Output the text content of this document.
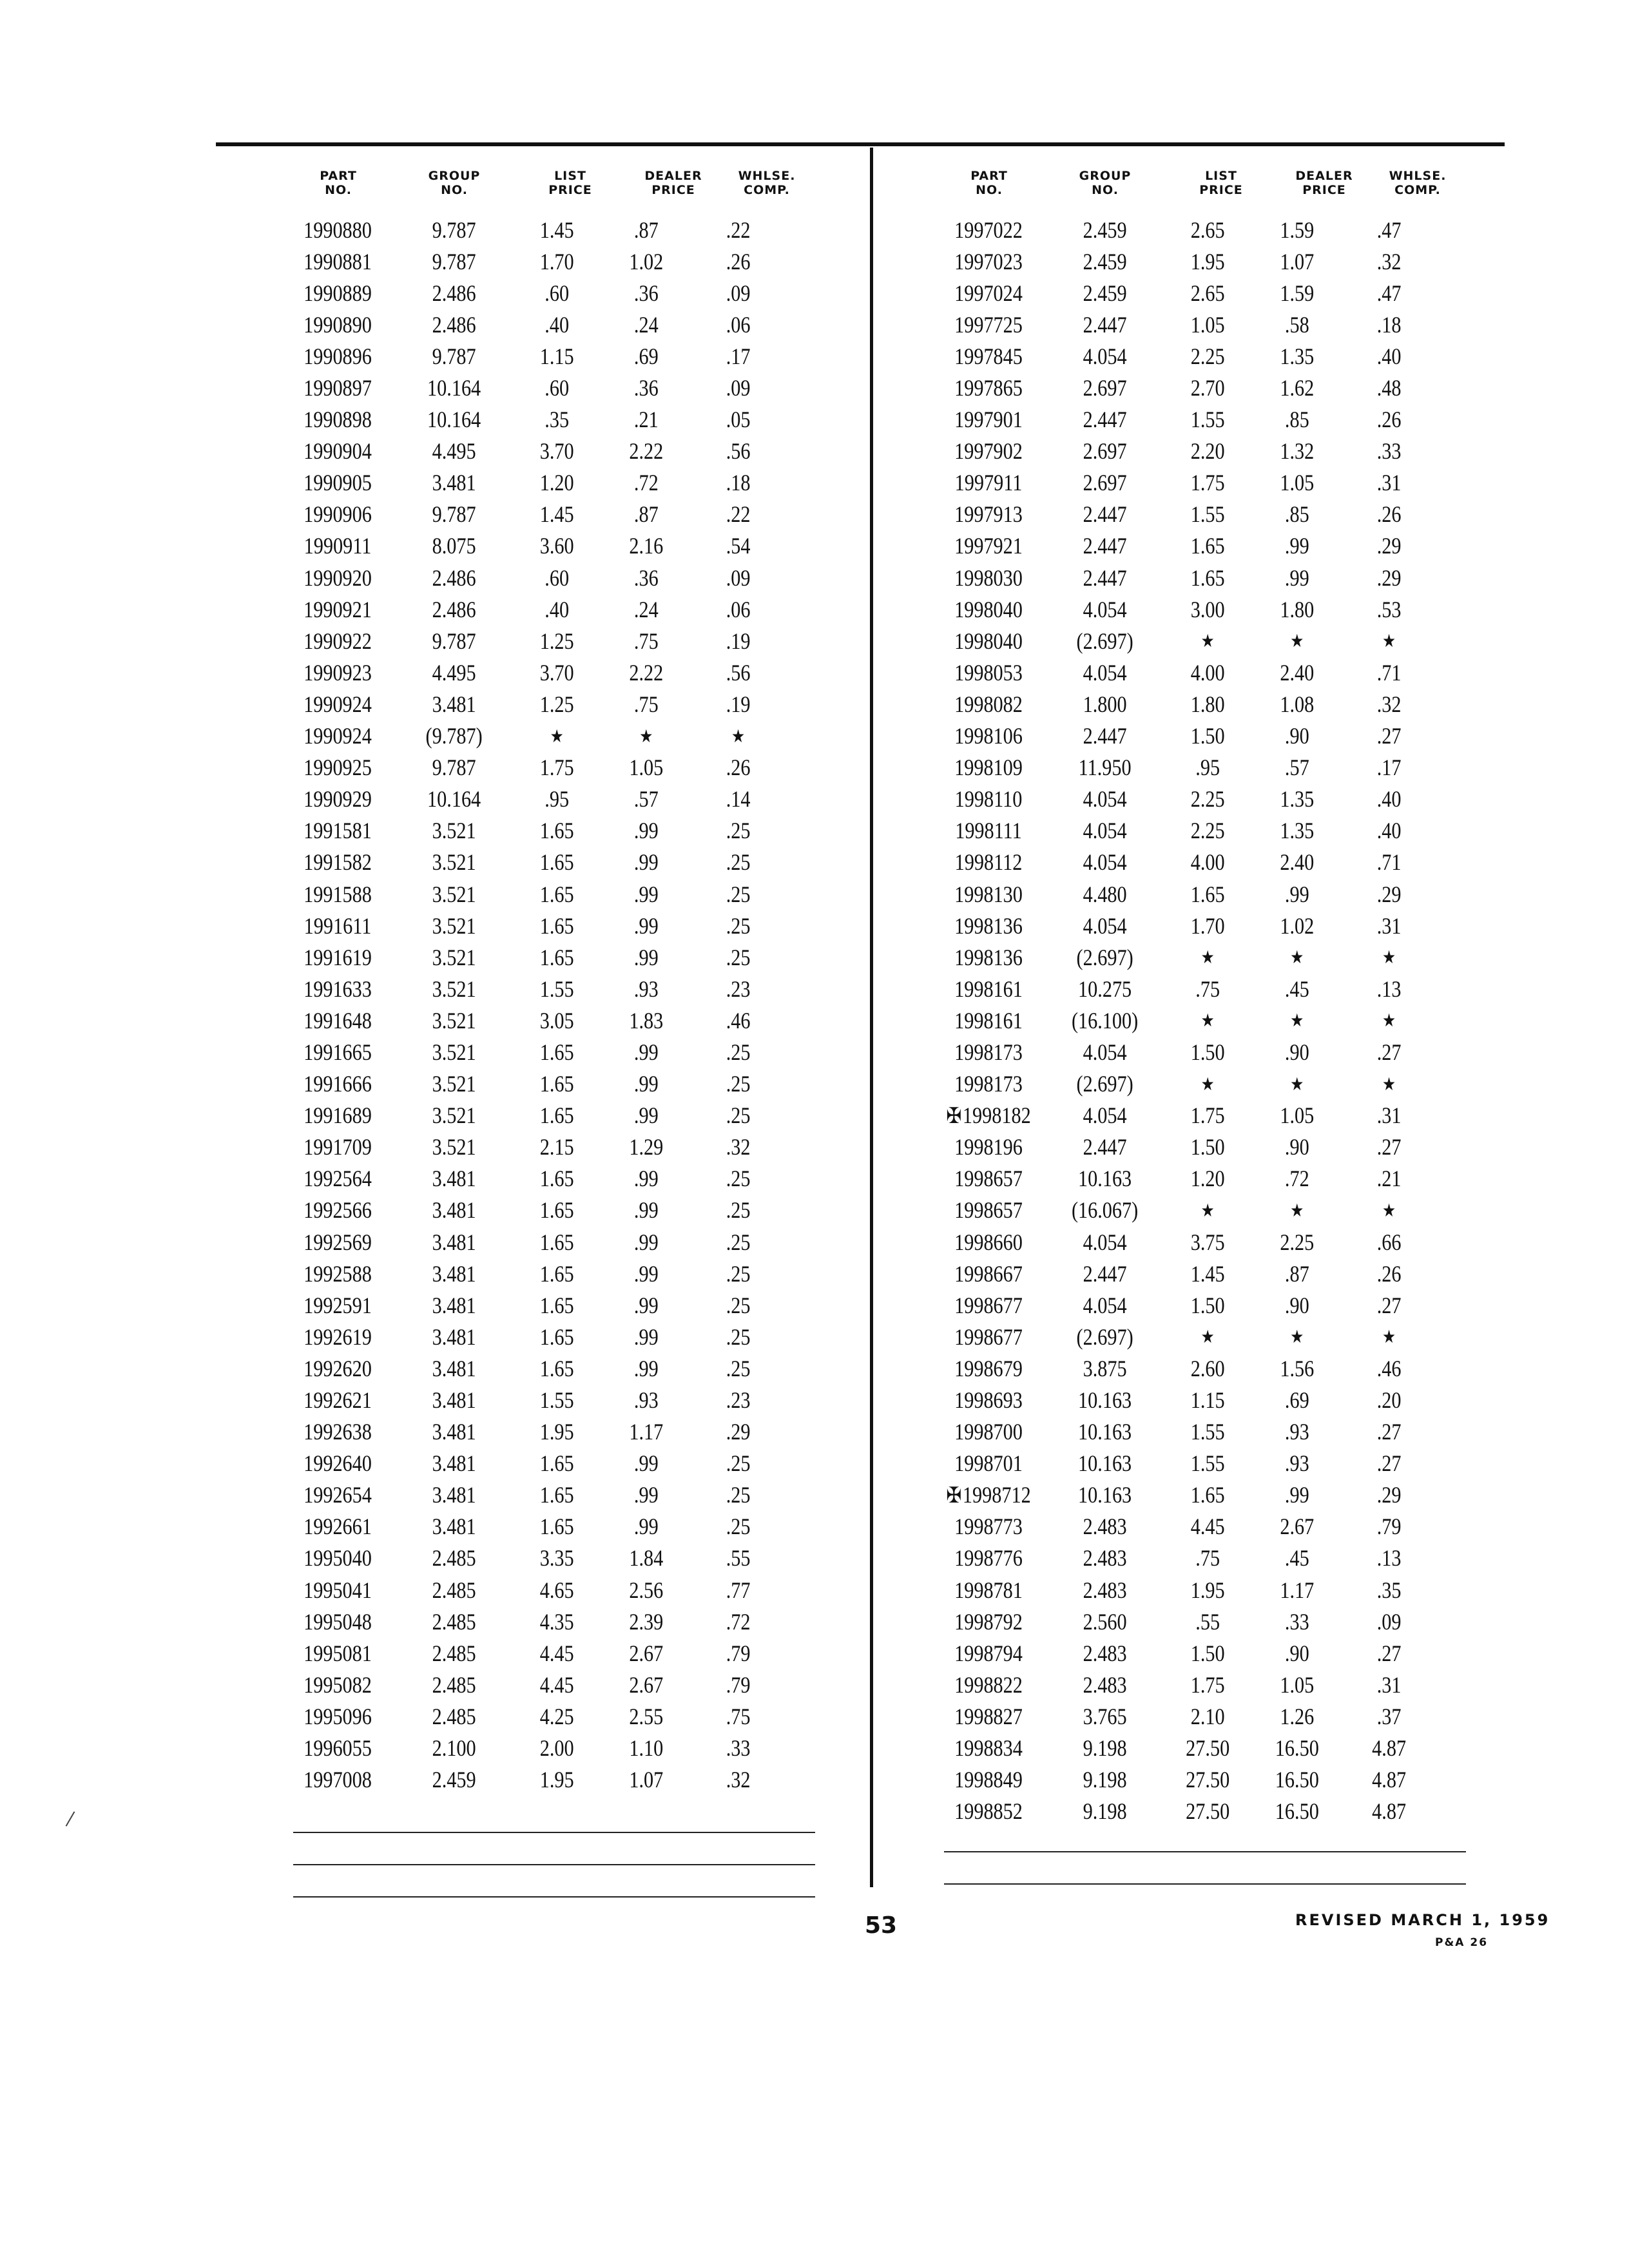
PART
NO.
GROUP
NO.
LIST
PRICE
DEALER
PRICE
WHLSE.
COMP.
1990880	9.787	1.45	.87	.22
1990881	9.787	1.70	1.02	.26
1990889	2.486	.60	.36	.09
1990890	2.486	.40	.24	.06
1990896	9.787	1.15	.69	.17
1990897	10.164	.60	.36	.09
1990898	10.164	.35	.21	.05
1990904	4.495	3.70	2.22	.56
1990905	3.481	1.20	.72	.18
1990906	9.787	1.45	.87	.22
1990911	8.075	3.60	2.16	.54
1990920	2.486	.60	.36	.09
1990921	2.486	.40	.24	.06
1990922	9.787	1.25	.75	.19
1990923	4.495	3.70	2.22	.56
1990924	3.481	1.25	.75	.19
1990924	(9.787)	★	★	★
1990925	9.787	1.75	1.05	.26
1990929	10.164	.95	.57	.14
1991581	3.521	1.65	.99	.25
1991582	3.521	1.65	.99	.25
1991588	3.521	1.65	.99	.25
1991611	3.521	1.65	.99	.25
1991619	3.521	1.65	.99	.25
1991633	3.521	1.55	.93	.23
1991648	3.521	3.05	1.83	.46
1991665	3.521	1.65	.99	.25
1991666	3.521	1.65	.99	.25
1991689	3.521	1.65	.99	.25
1991709	3.521	2.15	1.29	.32
1992564	3.481	1.65	.99	.25
1992566	3.481	1.65	.99	.25
1992569	3.481	1.65	.99	.25
1992588	3.481	1.65	.99	.25
1992591	3.481	1.65	.99	.25
1992619	3.481	1.65	.99	.25
1992620	3.481	1.65	.99	.25
1992621	3.481	1.55	.93	.23
1992638	3.481	1.95	1.17	.29
1992640	3.481	1.65	.99	.25
1992654	3.481	1.65	.99	.25
1992661	3.481	1.65	.99	.25
1995040	2.485	3.35	1.84	.55
1995041	2.485	4.65	2.56	.77
1995048	2.485	4.35	2.39	.72
1995081	2.485	4.45	2.67	.79
1995082	2.485	4.45	2.67	.79
1995096	2.485	4.25	2.55	.75
1996055	2.100	2.00	1.10	.33
1997008	2.459	1.95	1.07	.32
PART
NO.
GROUP
NO.
LIST
PRICE
DEALER
PRICE
WHLSE.
COMP.
1997022	2.459	2.65	1.59	.47
1997023	2.459	1.95	1.07	.32
1997024	2.459	2.65	1.59	.47
1997725	2.447	1.05	.58	.18
1997845	4.054	2.25	1.35	.40
1997865	2.697	2.70	1.62	.48
1997901	2.447	1.55	.85	.26
1997902	2.697	2.20	1.32	.33
1997911	2.697	1.75	1.05	.31
1997913	2.447	1.55	.85	.26
1997921	2.447	1.65	.99	.29
1998030	2.447	1.65	.99	.29
1998040	4.054	3.00	1.80	.53
1998040	(2.697)	★	★	★
1998053	4.054	4.00	2.40	.71
1998082	1.800	1.80	1.08	.32
1998106	2.447	1.50	.90	.27
1998109	11.950	.95	.57	.17
1998110	4.054	2.25	1.35	.40
1998111	4.054	2.25	1.35	.40
1998112	4.054	4.00	2.40	.71
1998130	4.480	1.65	.99	.29
1998136	4.054	1.70	1.02	.31
1998136	(2.697)	★	★	★
1998161	10.275	.75	.45	.13
1998161	(16.100)	★	★	★
1998173	4.054	1.50	.90	.27
1998173	(2.697)	★	★	★
✠1998182	4.054	1.75	1.05	.31
1998196	2.447	1.50	.90	.27
1998657	10.163	1.20	.72	.21
1998657	(16.067)	★	★	★
1998660	4.054	3.75	2.25	.66
1998667	2.447	1.45	.87	.26
1998677	4.054	1.50	.90	.27
1998677	(2.697)	★	★	★
1998679	3.875	2.60	1.56	.46
1998693	10.163	1.15	.69	.20
1998700	10.163	1.55	.93	.27
1998701	10.163	1.55	.93	.27
✠1998712	10.163	1.65	.99	.29
1998773	2.483	4.45	2.67	.79
1998776	2.483	.75	.45	.13
1998781	2.483	1.95	1.17	.35
1998792	2.560	.55	.33	.09
1998794	2.483	1.50	.90	.27
1998822	2.483	1.75	1.05	.31
1998827	3.765	2.10	1.26	.37
1998834	9.198	27.50	16.50	4.87
1998849	9.198	27.50	16.50	4.87
1998852	9.198	27.50	16.50	4.87
53	REVISED MARCH 1, 1959
P&A 26
